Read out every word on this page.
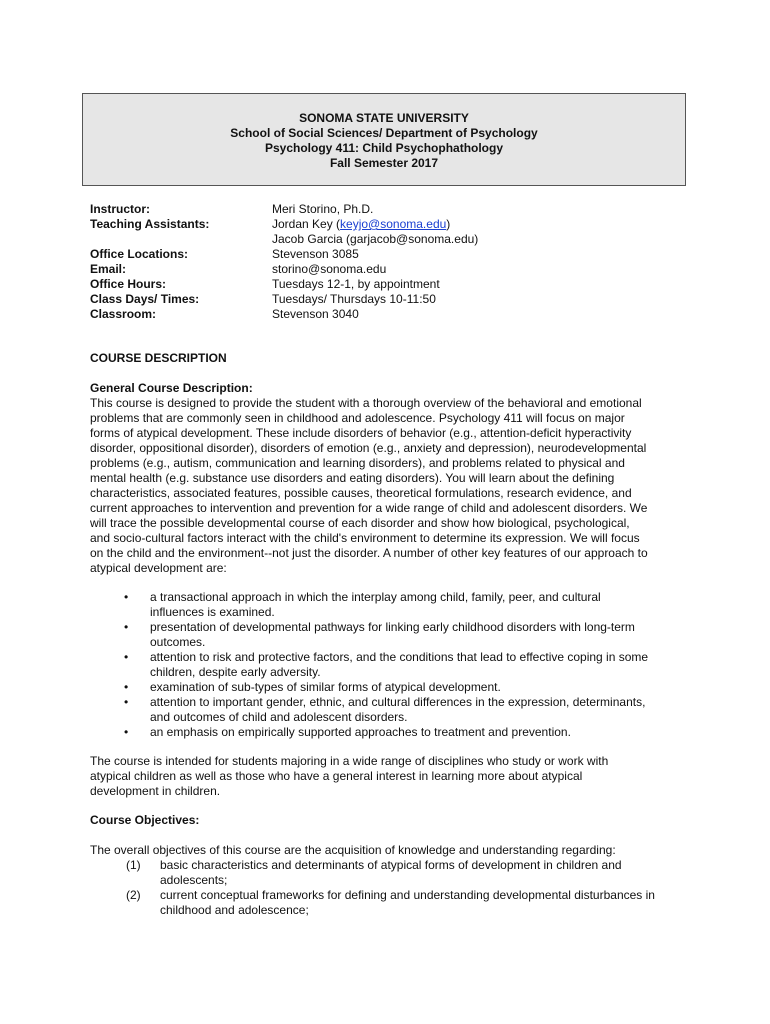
SONOMA STATE UNIVERSITY
School of Social Sciences/ Department of Psychology
Psychology 411: Child Psychophathology
Fall Semester 2017
Instructor:	Meri Storino, Ph.D.
Teaching Assistants:	Jordan Key (keyjo@sonoma.edu)
Jacob Garcia (garjacob@sonoma.edu)
Office Locations:	Stevenson 3085
Email:	storino@sonoma.edu
Office Hours:	Tuesdays 12-1, by appointment
Class Days/ Times:	Tuesdays/ Thursdays 10-11:50
Classroom:	Stevenson 3040
COURSE DESCRIPTION
General Course Description:
This course is designed to provide the student with a thorough overview of the behavioral and emotional
problems that are commonly seen in childhood and adolescence. Psychology 411 will focus on major
forms of atypical development. These include disorders of behavior (e.g., attention-deficit hyperactivity
disorder, oppositional disorder), disorders of emotion (e.g., anxiety and depression), neurodevelopmental
problems (e.g., autism, communication and learning disorders), and problems related to physical and
mental health (e.g. substance use disorders and eating disorders). You will learn about the defining
characteristics, associated features, possible causes, theoretical formulations, research evidence, and
current approaches to intervention and prevention for a wide range of child and adolescent disorders. We
will trace the possible developmental course of each disorder and show how biological, psychological,
and socio-cultural factors interact with the child's environment to determine its expression. We will focus
on the child and the environment--not just the disorder. A number of other key features of our approach to
atypical development are:
• a transactional approach in which the interplay among child, family, peer, and cultural
influences is examined.
• presentation of developmental pathways for linking early childhood disorders with long-term
outcomes.
• attention to risk and protective factors, and the conditions that lead to effective coping in some
children, despite early adversity.
• examination of sub-types of similar forms of atypical development.
• attention to important gender, ethnic, and cultural differences in the expression, determinants,
and outcomes of child and adolescent disorders.
• an emphasis on empirically supported approaches to treatment and prevention.
The course is intended for students majoring in a wide range of disciplines who study or work with
atypical children as well as those who have a general interest in learning more about atypical
development in children.
Course Objectives:
The overall objectives of this course are the acquisition of knowledge and understanding regarding:
(1) basic characteristics and determinants of atypical forms of development in children and
adolescents;
(2) current conceptual frameworks for defining and understanding developmental disturbances in
childhood and adolescence;
